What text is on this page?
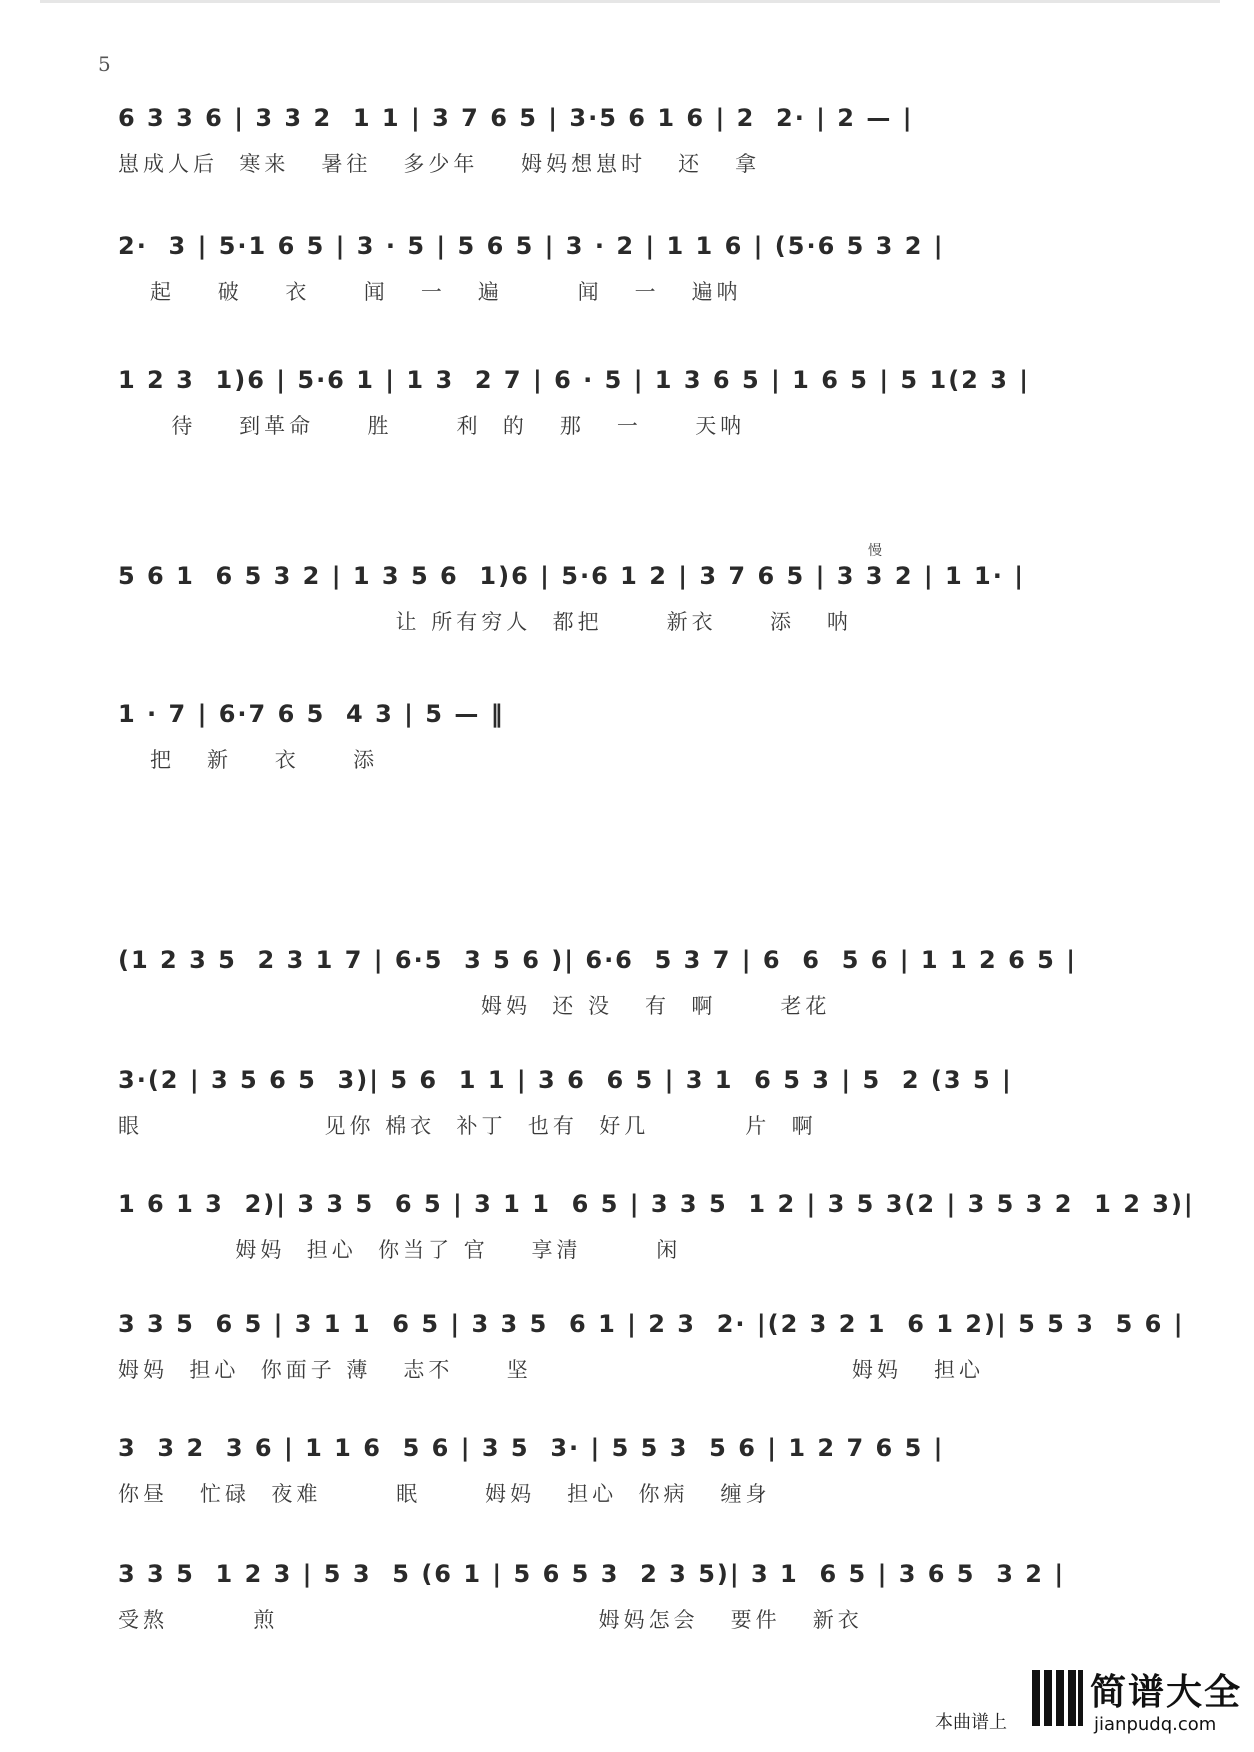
5
6 3 3 6 | 3 3 2  1 1 | 3 7 6 5 | 3·5 6 1 6 | 2  2· | 2 — |
崽成人后  寒来   暑往   多少年    姆妈想崽时   还   拿
2·  3 | 5·1 6 5 | 3 · 5 | 5 6 5 | 3 · 2 | 1 1 6 | (5·6 5 3 2 |
起    破    衣     闻   一   遍       闻   一   遍呐
1 2 3  1)6 | 5·6 1 | 1 3  2 7 | 6 · 5 | 1 3 6 5 | 1 6 5 | 5 1(2 3 |
待    到革命     胜      利  的   那   一     天呐
慢
5 6 1  6 5 3 2 | 1 3 5 6  1)6 | 5·6 1 2 | 3 7 6 5 | 3 3 2 | 1 1· |
让 所有穷人  都把      新衣     添   呐
1 · 7 | 6·7 6 5  4 3 | 5 — ‖
把   新    衣     添
(1 2 3 5  2 3 1 7 | 6·5  3 5 6 )| 6·6  5 3 7 | 6  6  5 6 | 1 1 2 6 5 |
姆妈  还 没   有  啊      老花
3·(2 | 3 5 6 5  3)| 5 6  1 1 | 3 6  6 5 | 3 1  6 5 3 | 5  2 (3 5 |
眼                 见你 棉衣  补丁  也有  好几         片  啊
1 6 1 3  2)| 3 3 5  6 5 | 3 1 1  6 5 | 3 3 5  1 2 | 3 5 3(2 | 3 5 3 2  1 2 3)|
姆妈  担心  你当了 官    享清       闲
3 3 5  6 5 | 3 1 1  6 5 | 3 3 5  6 1 | 2 3  2· |(2 3 2 1  6 1 2)| 5 5 3  5 6 |
姆妈  担心  你面子 薄   志不     坚                              姆妈   担心
3  3 2  3 6 | 1 1 6  5 6 | 3 5  3· | 5 5 3  5 6 | 1 2 7 6 5 |
你昼   忙碌  夜难       眠      姆妈   担心  你病   缠身
3 3 5  1 2 3 | 5 3  5 (6 1 | 5 6 5 3  2 3 5)| 3 1  6 5 | 3 6 5  3 2 |
受熬        煎                              姆妈怎会   要件   新衣
本曲谱上
简谱大全
jianpudq.com
